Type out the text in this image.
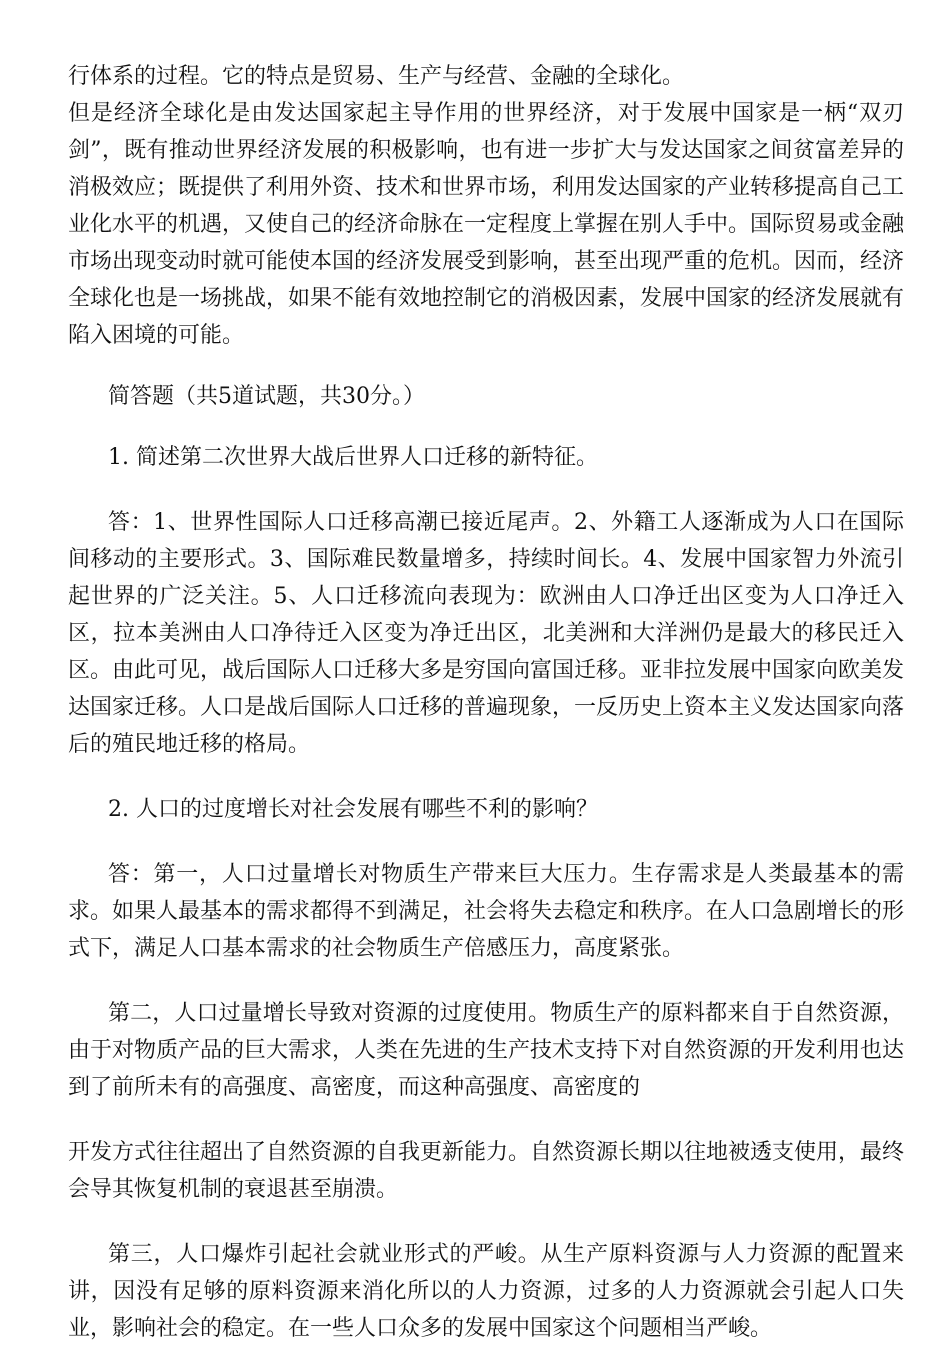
行体系的过程。它的特点是贸易、生产与经营、金融的全球化。

但是经济全球化是由发达国家起主导作用的世界经济，对于发展中国家是一柄“双刃剑”，既有推动世界经济发展的积极影响，也有进一步扩大与发达国家之间贫富差异的消极效应；既提供了利用外资、技术和世界市场，利用发达国家的产业转移提高自己工业化水平的机遇，又使自己的经济命脉在一定程度上掌握在别人手中。国际贸易或金融市场出现变动时就可能使本国的经济发展受到影响，甚至出现严重的危机。因而，经济全球化也是一场挑战，如果不能有效地控制它的消极因素，发展中国家的经济发展就有陷入困境的可能。

简答题（共5道试题，共30分。）

1. 简述第二次世界大战后世界人口迁移的新特征。

答：1、世界性国际人口迁移高潮已接近尾声。2、外籍工人逐渐成为人口在国际间移动的主要形式。3、国际难民数量增多，持续时间长。4、发展中国家智力外流引起世界的广泛关注。5、人口迁移流向表现为：欧洲由人口净迁出区变为人口净迁入区，拉本美洲由人口净待迁入区变为净迁出区，北美洲和大洋洲仍是最大的移民迁入区。由此可见，战后国际人口迁移大多是穷国向富国迁移。亚非拉发展中国家向欧美发达国家迁移。人口是战后国际人口迁移的普遍现象，一反历史上资本主义发达国家向落后的殖民地迁移的格局。

2. 人口的过度增长对社会发展有哪些不利的影响？

答：第一，人口过量增长对物质生产带来巨大压力。生存需求是人类最基本的需求。如果人最基本的需求都得不到满足，社会将失去稳定和秩序。在人口急剧增长的形式下，满足人口基本需求的社会物质生产倍感压力，高度紧张。

第二，人口过量增长导致对资源的过度使用。物质生产的原料都来自于自然资源，由于对物质产品的巨大需求，人类在先进的生产技术支持下对自然资源的开发利用也达到了前所未有的高强度、高密度，而这种高强度、高密度的

开发方式往往超出了自然资源的自我更新能力。自然资源长期以往地被透支使用，最终会导其恢复机制的衰退甚至崩溃。

第三，人口爆炸引起社会就业形式的严峻。从生产原料资源与人力资源的配置来讲，因没有足够的原料资源来消化所以的人力资源，过多的人力资源就会引起人口失业，影响社会的稳定。在一些人口众多的发展中国家这个问题相当严峻。
